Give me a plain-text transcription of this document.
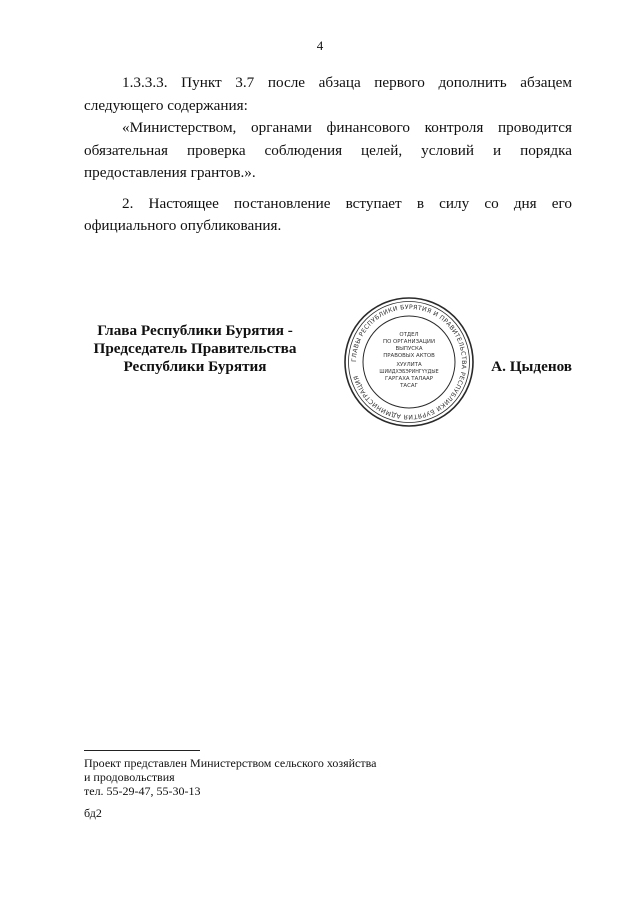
4

1.3.3.3. Пункт 3.7 после абзаца первого дополнить абзацем следующего содержания:

«Министерством, органами финансового контроля проводится обязательная проверка соблюдения целей, условий и порядка предоставления грантов.».

2. Настоящее постановление вступает в силу со дня его официального опубликования.

Глава Республики Бурятия -
Председатель Правительства
Республики Бурятия	ГЛАВЫ РЕСПУБЛИКИ БУРЯТИЯ И ПРАВИТЕЛЬСТВА РЕСПУБЛИКИ БУРЯТИЯ АДМИНИСТРАЦИЯ
ОТДЕЛ
ПО ОРГАНИЗАЦИИ
ВЫПУСКА
ПРАВОВЫХ АКТОВ
ХУУЛИТА
ШИИДХЭБЭРИНГҮҮДЫЕ
ГАРГАХА ТАЛААР
ТАСАГ
А. Цыденов
Проект представлен Министерством сельского хозяйства
и продовольствия
тел. 55-29-47, 55-30-13
бд2
